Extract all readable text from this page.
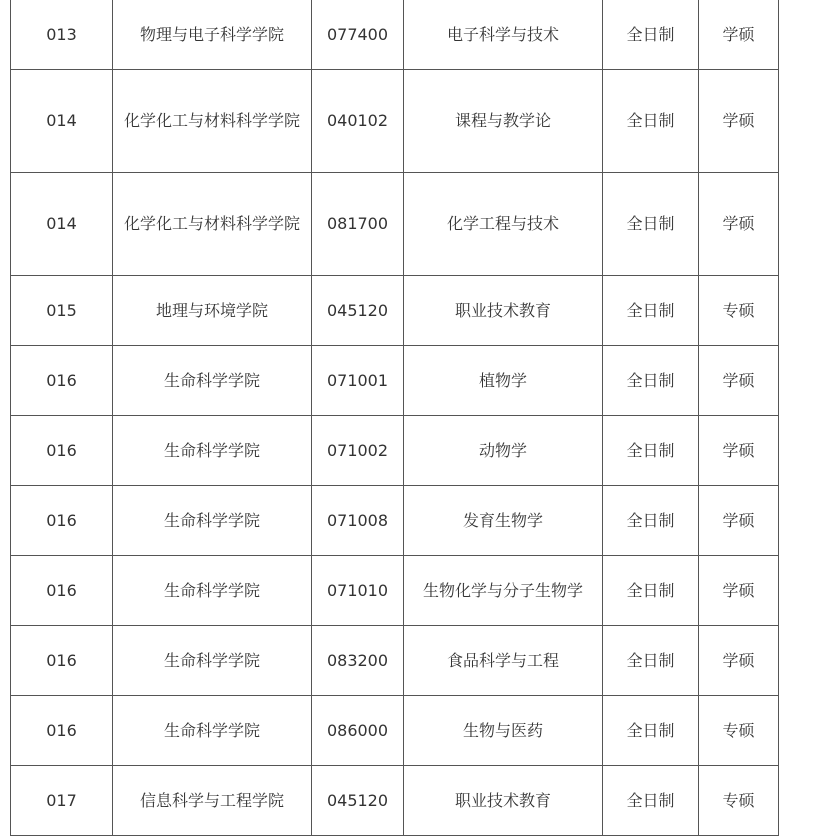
013	物理与电子科学学院	077400	电子科学与技术	全日制	学硕
014	化学化工与材料科学学院	040102	课程与教学论	全日制	学硕
014	化学化工与材料科学学院	081700	化学工程与技术	全日制	学硕
015	地理与环境学院	045120	职业技术教育	全日制	专硕
016	生命科学学院	071001	植物学	全日制	学硕
016	生命科学学院	071002	动物学	全日制	学硕
016	生命科学学院	071008	发育生物学	全日制	学硕
016	生命科学学院	071010	生物化学与分子生物学	全日制	学硕
016	生命科学学院	083200	食品科学与工程	全日制	学硕
016	生命科学学院	086000	生物与医药	全日制	专硕
017	信息科学与工程学院	045120	职业技术教育	全日制	专硕
